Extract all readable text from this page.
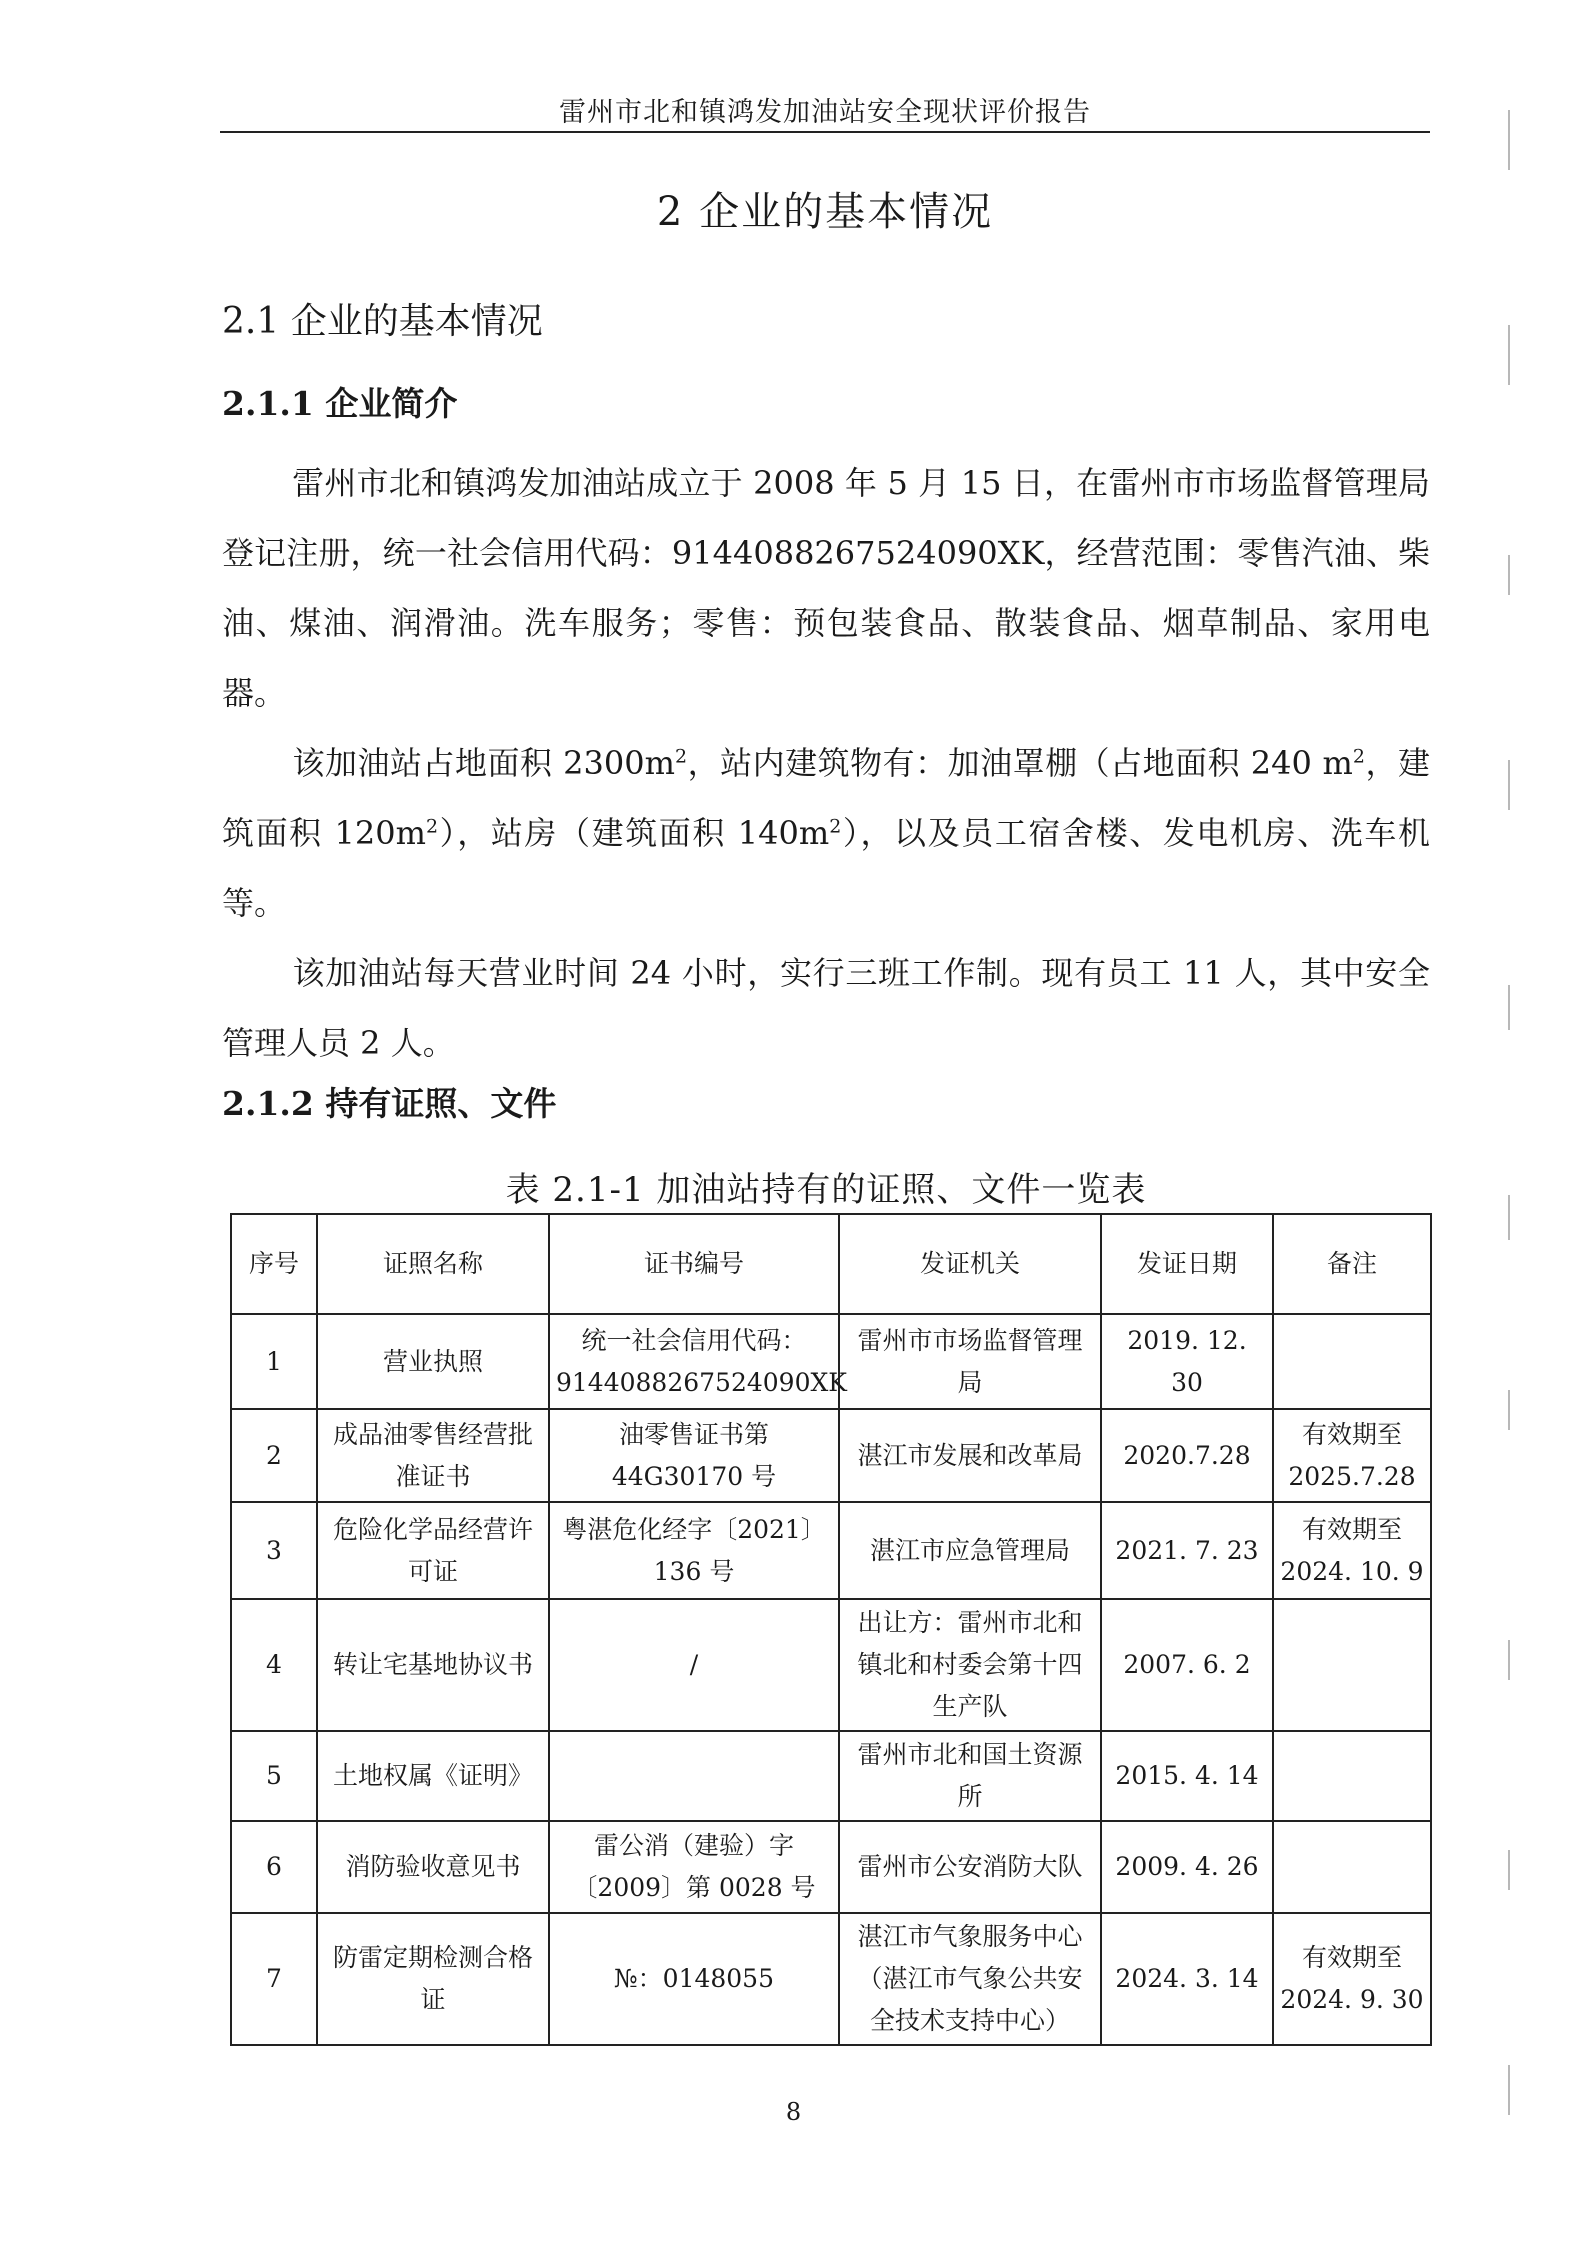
雷州市北和镇鸿发加油站安全现状评价报告
2 企业的基本情况
2.1 企业的基本情况
2.1.1 企业简介
雷州市北和镇鸿发加油站成立于 2008 年 5 月 15 日，在雷州市市场监督管理局登记注册，统一社会信用代码：9144088267524090XK，经营范围：零售汽油、柴油、煤油、润滑油。洗车服务；零售：预包装食品、散装食品、烟草制品、家用电器。
该加油站占地面积 $2300m^2$，站内建筑物有：加油罩棚（占地面积 240 $m^2$，建筑面积 $120m^2$），站房（建筑面积 $140m^2$），以及员工宿舍楼、发电机房、洗车机等。
该加油站每天营业时间 24 小时，实行三班工作制。现有员工 11 人，其中安全管理人员 2 人。
2.1.2 持有证照、文件
表 2.1-1 加油站持有的证照、文件一览表
序号	证照名称	证书编号	发证机关	发证日期	备注
1	营业执照	统一社会信用代码：9144088267524090XK	雷州市市场监督管理局	2019. 12. 30	
2	成品油零售经营批准证书	油零售证书第44G30170 号	湛江市发展和改革局	2020.7.28	有效期至2025.7.28
3	危险化学品经营许可证	粤湛危化经字〔2021〕136 号	湛江市应急管理局	2021. 7. 23	有效期至2024. 10. 9
4	转让宅基地协议书	/	出让方：雷州市北和镇北和村委会第十四生产队	2007. 6. 2	
5	土地权属《证明》		雷州市北和国土资源所	2015. 4. 14	
6	消防验收意见书	雷公消（建验）字〔2009〕第 0028 号	雷州市公安消防大队	2009. 4. 26	
7	防雷定期检测合格证	№：0148055	湛江市气象服务中心（湛江市气象公共安全技术支持中心）	2024. 3. 14	有效期至2024. 9. 30
8
